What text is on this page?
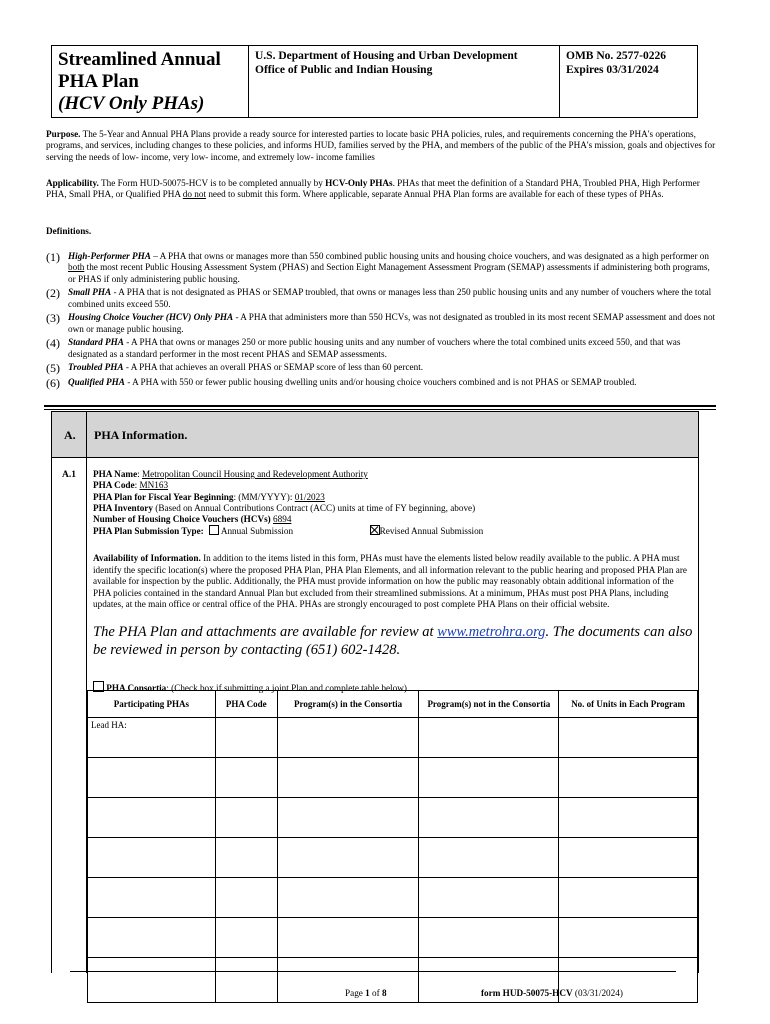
Streamlined Annual
PHA Plan
(HCV Only PHAs)
U.S. Department of Housing and Urban Development
Office of Public and Indian Housing
OMB No. 2577-0226
Expires 03/31/2024
Purpose. The 5-Year and Annual PHA Plans provide a ready source for interested parties to locate basic PHA policies, rules, and requirements concerning the PHA's operations, programs, and services, including changes to these policies, and informs HUD, families served by the PHA, and members of the public of the PHA's mission, goals and objectives for serving the needs of low- income, very low- income, and extremely low- income families
Applicability. The Form HUD-50075-HCV is to be completed annually by HCV-Only PHAs. PHAs that meet the definition of a Standard PHA, Troubled PHA, High Performer PHA, Small PHA, or Qualified PHA do not need to submit this form. Where applicable, separate Annual PHA Plan forms are available for each of these types of PHAs.
Definitions.
(1) High-Performer PHA – A PHA that owns or manages more than 550 combined public housing units and housing choice vouchers, and was designated as a high performer on both the most recent Public Housing Assessment System (PHAS) and Section Eight Management Assessment Program (SEMAP) assessments if administering both programs, or PHAS if only administering public housing.
(2) Small PHA - A PHA that is not designated as PHAS or SEMAP troubled, that owns or manages less than 250 public housing units and any number of vouchers where the total combined units exceed 550.
(3) Housing Choice Voucher (HCV) Only PHA - A PHA that administers more than 550 HCVs, was not designated as troubled in its most recent SEMAP assessment and does not own or manage public housing.
(4) Standard PHA - A PHA that owns or manages 250 or more public housing units and any number of vouchers where the total combined units exceed 550, and that was designated as a standard performer in the most recent PHAS and SEMAP assessments.
(5) Troubled PHA - A PHA that achieves an overall PHAS or SEMAP score of less than 60 percent.
(6) Qualified PHA - A PHA with 550 or fewer public housing dwelling units and/or housing choice vouchers combined and is not PHAS or SEMAP troubled.
A. PHA Information.
A.1 PHA Name: Metropolitan Council Housing and Redevelopment Authority
PHA Code: MN163
PHA Plan for Fiscal Year Beginning: (MM/YYYY): 01/2023
PHA Inventory (Based on Annual Contributions Contract (ACC) units at time of FY beginning, above)
Number of Housing Choice Vouchers (HCVs) 6894
PHA Plan Submission Type: Annual Submission	Revised Annual Submission
Availability of Information. In addition to the items listed in this form, PHAs must have the elements listed below readily available to the public. A PHA must identify the specific location(s) where the proposed PHA Plan, PHA Plan Elements, and all information relevant to the public hearing and proposed PHA Plan are available for inspection by the public. Additionally, the PHA must provide information on how the public may reasonably obtain additional information of the PHA policies contained in the standard Annual Plan but excluded from their streamlined submissions. At a minimum, PHAs must post PHA Plans, including updates, at the main office or central office of the PHA. PHAs are strongly encouraged to post complete PHA Plans on their official website.
The PHA Plan and attachments are available for review at www.metrohra.org. The documents can also be reviewed in person by contacting (651) 602-1428.
PHA Consortia: (Check box if submitting a joint Plan and complete table below)
Participating PHAs	PHA Code	Program(s) in the Consortia	Program(s) not in the Consortia	No. of Units in Each Program
Lead HA:				

Page 1 of 8	form HUD-50075-HCV (03/31/2024)
